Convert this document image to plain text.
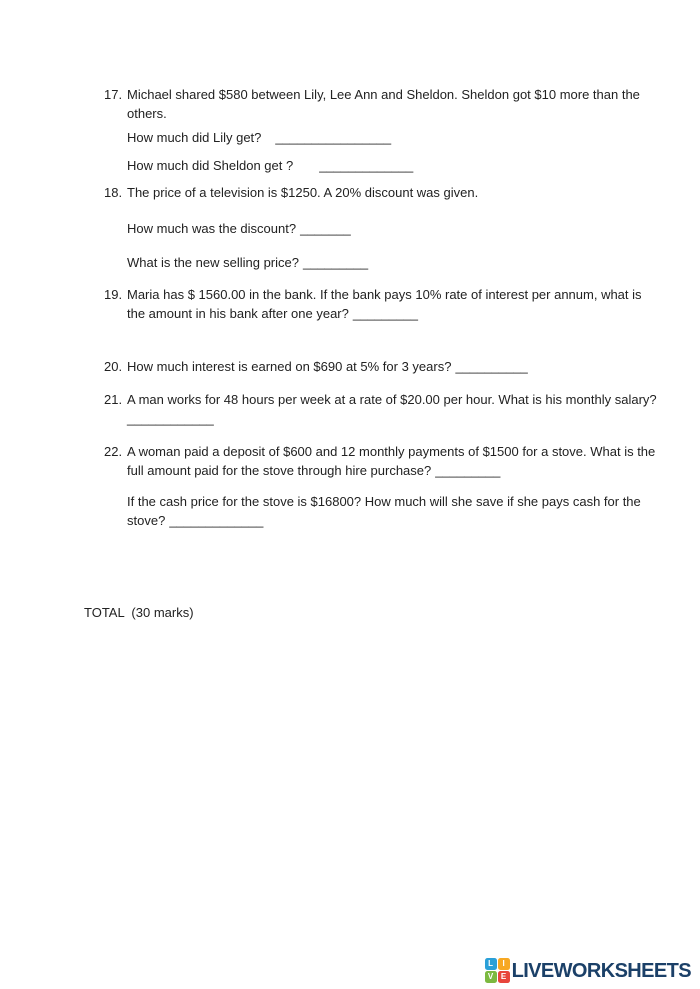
17. Michael shared $580 between Lily, Lee Ann and Sheldon. Sheldon got $10 more than the
others.
How much did Lily get? ________________
How much did Sheldon get ? _____________
18. The price of a television is $1250. A 20% discount was given.
How much was the discount? _______
What is the new selling price? _________
19. Maria has $ 1560.00 in the bank. If the bank pays 10% rate of interest per annum, what is
the amount in his bank after one year? _________
20. How much interest is earned on $690 at 5% for 3 years? __________
21. A man works for 48 hours per week at a rate of $20.00 per hour. What is his monthly salary?
____________
22. A woman paid a deposit of $600 and 12 monthly payments of $1500 for a stove. What is the
full amount paid for the stove through hire purchase? _________
If the cash price for the stove is $16800? How much will she save if she pays cash for the
stove? _____________
TOTAL  (30 marks)
L	I
V E LIVEWORKSHEETS
